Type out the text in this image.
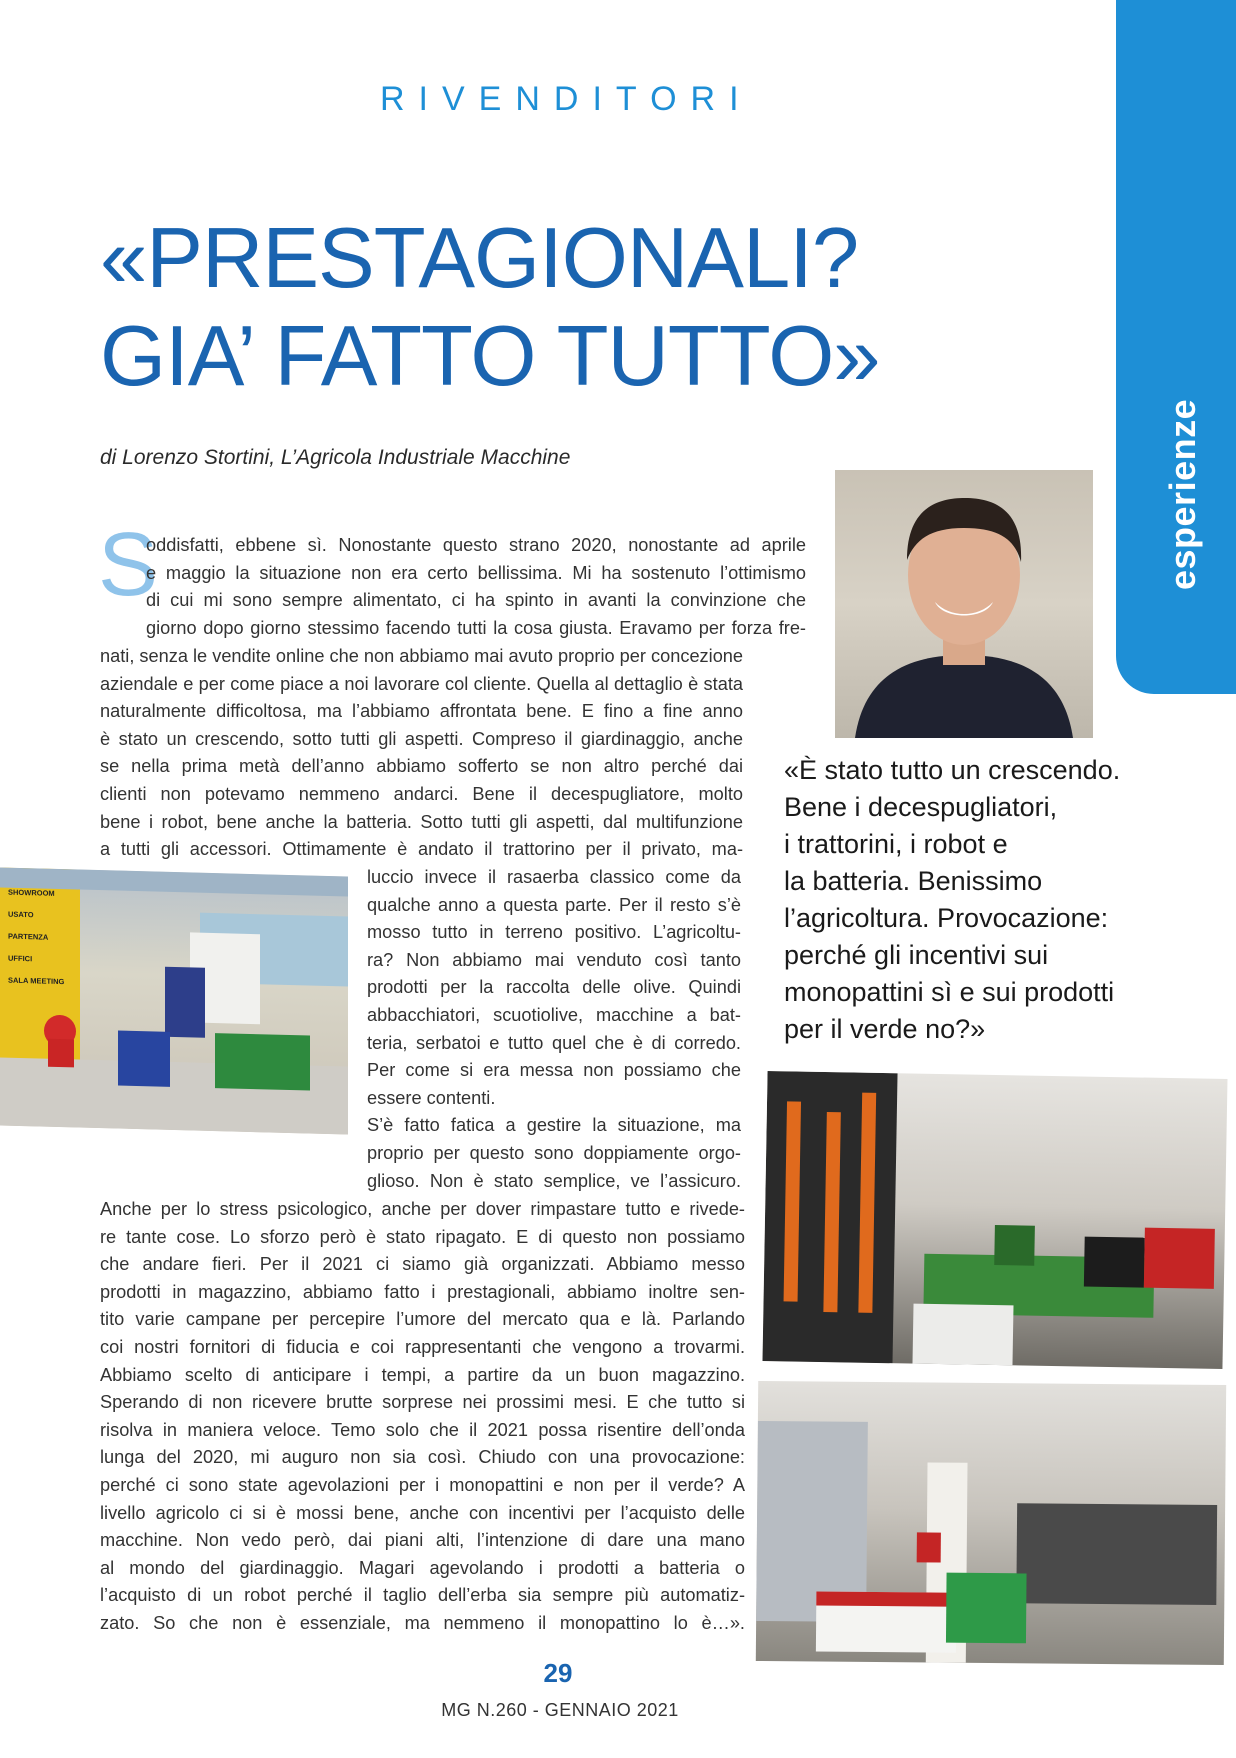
esperienze
RIVENDITORI
«PRESTAGIONALI?
GIA’ FATTO TUTTO»
di Lorenzo Stortini, L’Agricola Industriale Macchine
SHOWROOM
USATO
PARTENZA
UFFICI
SALA MEETING
S
oddisfatti, ebbene sì. Nonostante questo strano 2020, nonostante ad aprile
e maggio la situazione non era certo bellissima. Mi ha sostenuto l’ottimismo
di cui mi sono sempre alimentato, ci ha spinto in avanti la convinzione che
giorno dopo giorno stessimo facendo tutti la cosa giusta. Eravamo per forza fre-
nati, senza le vendite online che non abbiamo mai avuto proprio per concezione
aziendale e per come piace a noi lavorare col cliente. Quella al dettaglio è stata
naturalmente difficoltosa, ma l’abbiamo affrontata bene. E fino a fine anno
è stato un crescendo, sotto tutti gli aspetti. Compreso il giardinaggio, anche
se nella prima metà dell’anno abbiamo sofferto se non altro perché dai
clienti non potevamo nemmeno andarci. Bene il decespugliatore, molto
bene i robot, bene anche la batteria. Sotto tutti gli aspetti, dal multifunzione
a tutti gli accessori. Ottimamente è andato il trattorino per il privato, ma-
luccio invece il rasaerba classico come da
qualche anno a questa parte. Per il resto s’è
mosso tutto in terreno positivo. L’agricoltu-
ra? Non abbiamo mai venduto così tanto
prodotti per la raccolta delle olive. Quindi
abbacchiatori, scuotiolive, macchine a bat-
teria, serbatoi e tutto quel che è di corredo.
Per come si era messa non possiamo che
essere contenti.
S’è fatto fatica a gestire la situazione, ma
proprio per questo sono doppiamente orgo-
glioso. Non è stato semplice, ve l’assicuro.
Anche per lo stress psicologico, anche per dover rimpastare tutto e rivede-
re tante cose. Lo sforzo però è stato ripagato. E di questo non possiamo
che andare fieri. Per il 2021 ci siamo già organizzati. Abbiamo messo
prodotti in magazzino, abbiamo fatto i prestagionali, abbiamo inoltre sen-
tito varie campane per percepire l’umore del mercato qua e là. Parlando
coi nostri fornitori di fiducia e coi rappresentanti che vengono a trovarmi.
Abbiamo scelto di anticipare i tempi, a partire da un buon magazzino.
Sperando di non ricevere brutte sorprese nei prossimi mesi. E che tutto si
risolva in maniera veloce. Temo solo che il 2021 possa risentire dell’onda
lunga del 2020, mi auguro non sia così. Chiudo con una provocazione:
perché ci sono state agevolazioni per i monopattini e non per il verde? A
livello agricolo ci si è mossi bene, anche con incentivi per l’acquisto delle
macchine. Non vedo però, dai piani alti, l’intenzione di dare una mano
al mondo del giardinaggio. Magari agevolando i prodotti a batteria o
l’acquisto di un robot perché il taglio dell’erba sia sempre più automatiz-
zato. So che non è essenziale, ma nemmeno il monopattino lo è…».
«È stato tutto un crescendo.
Bene i decespugliatori,
i trattorini, i robot e
la batteria. Benissimo
l’agricoltura. Provocazione:
perché gli incentivi sui
monopattini sì e sui prodotti
per il verde no?»
29
MG N.260 - GENNAIO 2021
